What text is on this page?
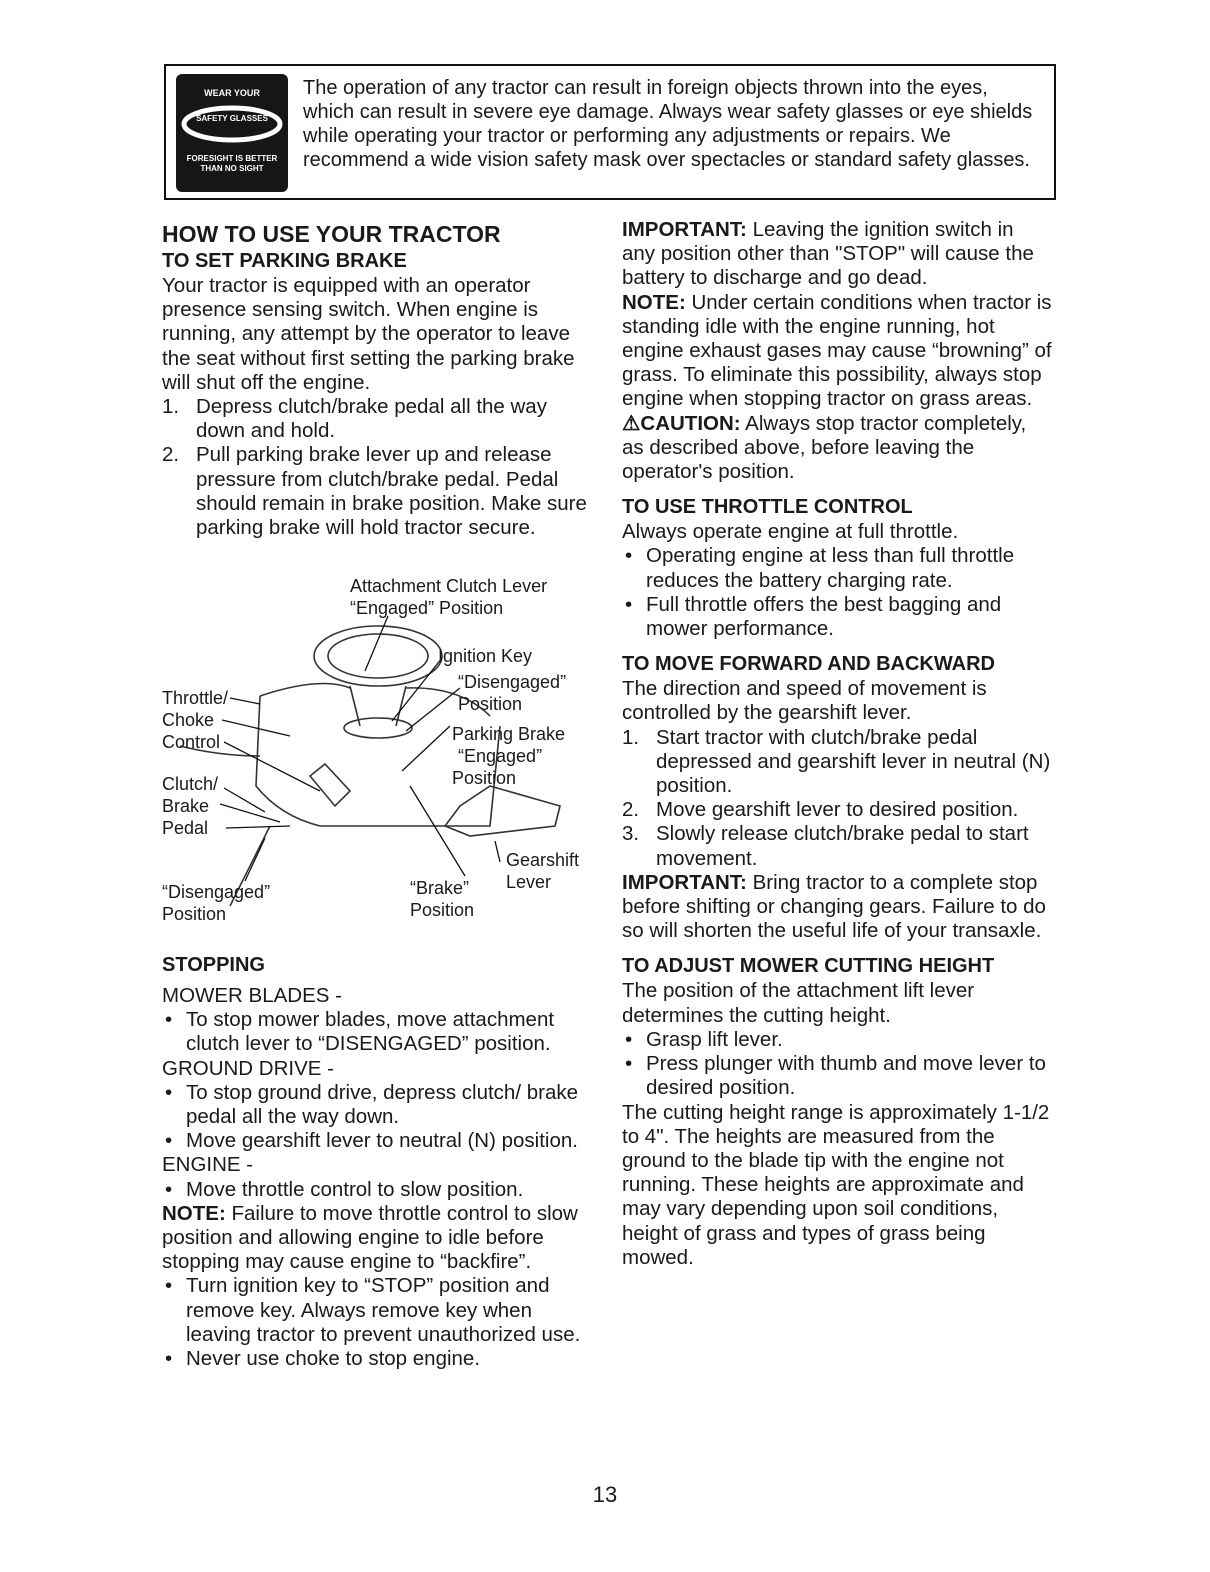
WEAR YOUR
SAFETY GLASSES
FORESIGHT IS BETTER THAN NO SIGHT
The operation of any tractor can result in foreign objects thrown into the eyes, which can result in severe eye damage. Always wear safety glasses or eye shields while operating your tractor or performing any adjustments or repairs. We recommend a wide vision safety mask over spectacles or standard safety glasses.

HOW TO USE YOUR TRACTOR

TO SET PARKING BRAKE

Your tractor is equipped with an operator presence sensing switch. When engine is running, any attempt by the operator to leave the seat without first setting the parking brake will shut off the engine.

1. Depress clutch/brake pedal all the way down and hold.

2. Pull parking brake lever up and release pressure from clutch/brake pedal. Pedal should remain in brake position. Make sure parking brake will hold tractor secure.

Attachment Clutch Lever
“Engaged” Position
Ignition Key
“Disengaged”
Position
Parking Brake
“Engaged”
Position
Throttle/
Choke
Control
Clutch/
Brake
Pedal
Gearshift
Lever
“Brake”
Position
“Disengaged”
Position

STOPPING

MOWER BLADES -

• To stop mower blades, move attachment clutch lever to “DISENGAGED” position.

GROUND DRIVE -

• To stop ground drive, depress clutch/ brake pedal all the way down.

• Move gearshift lever to neutral (N) position.

ENGINE -

• Move throttle control to slow position.

NOTE: Failure to move throttle control to slow position and allowing engine to idle before stopping may cause engine to “backfire”.

• Turn ignition key to “STOP” position and remove key. Always remove key when leaving tractor to prevent unauthorized use.

• Never use choke to stop engine.

IMPORTANT: Leaving the ignition switch in any position other than "STOP" will cause the battery to discharge and go dead.

NOTE: Under certain conditions when tractor is standing idle with the engine running, hot engine exhaust gases may cause “browning” of grass. To eliminate this possibility, always stop engine when stopping tractor on grass areas.

⚠CAUTION: Always stop tractor completely, as described above, before leaving the operator's position.

TO USE THROTTLE CONTROL

Always operate engine at full throttle.

• Operating engine at less than full throttle reduces the battery charging rate.

• Full throttle offers the best bagging and mower performance.

TO MOVE FORWARD AND BACKWARD

The direction and speed of movement is controlled by the gearshift lever.

1. Start tractor with clutch/brake pedal depressed and gearshift lever in neutral (N) position.

2. Move gearshift lever to desired position.

3. Slowly release clutch/brake pedal to start movement.

IMPORTANT: Bring tractor to a complete stop before shifting or changing gears. Failure to do so will shorten the useful life of your transaxle.

TO ADJUST MOWER CUTTING HEIGHT

The position of the attachment lift lever determines the cutting height.

• Grasp lift lever.

• Press plunger with thumb and move lever to desired position.

The cutting height range is approximately 1-1/2 to 4". The heights are measured from the ground to the blade tip with the engine not running. These heights are approximate and may vary depending upon soil conditions, height of grass and types of grass being mowed.

13
